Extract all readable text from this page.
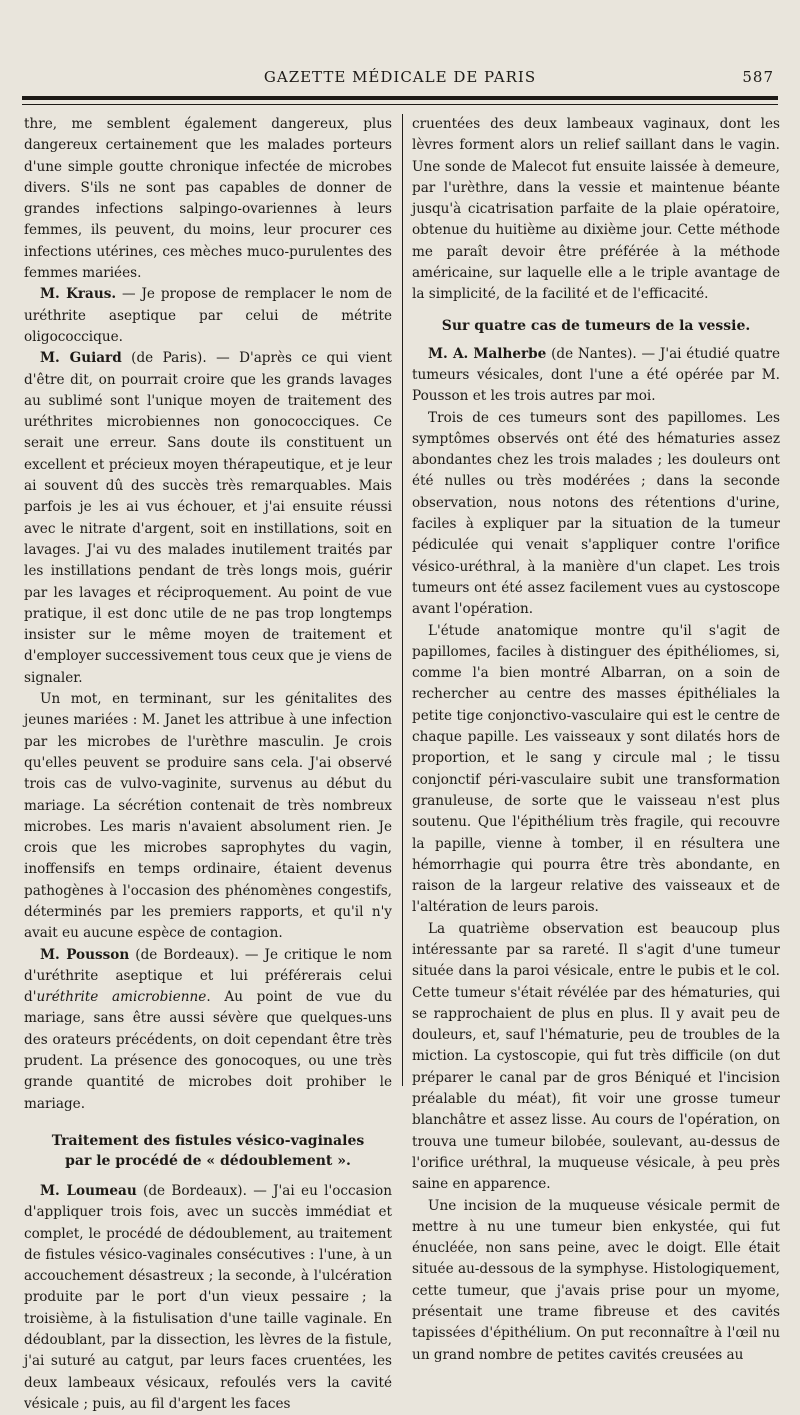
GAZETTE MÉDICALE DE PARIS	587

thre, me semblent également dangereux, plus dangereux certainement que les malades porteurs d'une simple goutte chronique infectée de microbes divers. S'ils ne sont pas capables de donner de grandes infections salpingo-ovariennes à leurs femmes, ils peuvent, du moins, leur procurer ces infections utérines, ces mèches muco-purulentes des femmes mariées.

M. Kraus. — Je propose de remplacer le nom de uréthrite aseptique par celui de métrite oligococcique.

M. Guiard (de Paris). — D'après ce qui vient d'être dit, on pourrait croire que les grands lavages au sublimé sont l'unique moyen de traitement des uréthrites microbiennes non gonococciques. Ce serait une erreur. Sans doute ils constituent un excellent et précieux moyen thérapeutique, et je leur ai souvent dû des succès très remarquables. Mais parfois je les ai vus échouer, et j'ai ensuite réussi avec le nitrate d'argent, soit en instillations, soit en lavages. J'ai vu des malades inutilement traités par les instillations pendant de très longs mois, guérir par les lavages et réciproquement. Au point de vue pratique, il est donc utile de ne pas trop longtemps insister sur le même moyen de traitement et d'employer successivement tous ceux que je viens de signaler.

Un mot, en terminant, sur les génitalites des jeunes mariées : M. Janet les attribue à une infection par les microbes de l'urèthre masculin. Je crois qu'elles peuvent se produire sans cela. J'ai observé trois cas de vulvo-vaginite, survenus au début du mariage. La sécrétion contenait de très nombreux microbes. Les maris n'avaient absolument rien. Je crois que les microbes saprophytes du vagin, inoffensifs en temps ordinaire, étaient devenus pathogènes à l'occasion des phénomènes congestifs, déterminés par les premiers rapports, et qu'il n'y avait eu aucune espèce de contagion.

M. Pousson (de Bordeaux). — Je critique le nom d'uréthrite aseptique et lui préférerais celui d'uréthrite amicrobienne. Au point de vue du mariage, sans être aussi sévère que quelques-uns des orateurs précédents, on doit cependant être très prudent. La présence des gonocoques, ou une très grande quantité de microbes doit prohiber le mariage.

Traitement des fistules vésico-vaginales
par le procédé de « dédoublement ».

M. Loumeau (de Bordeaux). — J'ai eu l'occasion d'appliquer trois fois, avec un succès immédiat et complet, le procédé de dédoublement, au traitement de fistules vésico-vaginales consécutives : l'une, à un accouchement désastreux ; la seconde, à l'ulcération produite par le port d'un vieux pessaire ; la troisième, à la fistulisation d'une taille vaginale. En dédoublant, par la dissection, les lèvres de la fistule, j'ai suturé au catgut, par leurs faces cruentées, les deux lambeaux vésicaux, refoulés vers la cavité vésicale ; puis, au fil d'argent les faces

cruentées des deux lambeaux vaginaux, dont les lèvres forment alors un relief saillant dans le vagin. Une sonde de Malecot fut ensuite laissée à demeure, par l'urèthre, dans la vessie et maintenue béante jusqu'à cicatrisation parfaite de la plaie opératoire, obtenue du huitième au dixième jour. Cette méthode me paraît devoir être préférée à la méthode américaine, sur laquelle elle a le triple avantage de la simplicité, de la facilité et de l'efficacité.

Sur quatre cas de tumeurs de la vessie.

M. A. Malherbe (de Nantes). — J'ai étudié quatre tumeurs vésicales, dont l'une a été opérée par M. Pousson et les trois autres par moi.

Trois de ces tumeurs sont des papillomes. Les symptômes observés ont été des hématuries assez abondantes chez les trois malades ; les douleurs ont été nulles ou très modérées ; dans la seconde observation, nous notons des rétentions d'urine, faciles à expliquer par la situation de la tumeur pédiculée qui venait s'appliquer contre l'orifice vésico-uréthral, à la manière d'un clapet. Les trois tumeurs ont été assez facilement vues au cystoscope avant l'opération.

L'étude anatomique montre qu'il s'agit de papillomes, faciles à distinguer des épithéliomes, si, comme l'a bien montré Albarran, on a soin de rechercher au centre des masses épithéliales la petite tige conjonctivo-vasculaire qui est le centre de chaque papille. Les vaisseaux y sont dilatés hors de proportion, et le sang y circule mal ; le tissu conjonctif péri-vasculaire subit une transformation granuleuse, de sorte que le vaisseau n'est plus soutenu. Que l'épithélium très fragile, qui recouvre la papille, vienne à tomber, il en résultera une hémorrhagie qui pourra être très abondante, en raison de la largeur relative des vaisseaux et de l'altération de leurs parois.

La quatrième observation est beaucoup plus intéressante par sa rareté. Il s'agit d'une tumeur située dans la paroi vésicale, entre le pubis et le col. Cette tumeur s'était révélée par des hématuries, qui se rapprochaient de plus en plus. Il y avait peu de douleurs, et, sauf l'hématurie, peu de troubles de la miction. La cystoscopie, qui fut très difficile (on dut préparer le canal par de gros Béniqué et l'incision préalable du méat), fit voir une grosse tumeur blanchâtre et assez lisse. Au cours de l'opération, on trouva une tumeur bilobée, soulevant, au-dessus de l'orifice uréthral, la muqueuse vésicale, à peu près saine en apparence.

Une incision de la muqueuse vésicale permit de mettre à nu une tumeur bien enkystée, qui fut énucléée, non sans peine, avec le doigt. Elle était située au-dessous de la symphyse. Histologiquement, cette tumeur, que j'avais prise pour un myome, présentait une trame fibreuse et des cavités tapissées d'épithélium. On put reconnaître à l'œil nu un grand nombre de petites cavités creusées au
